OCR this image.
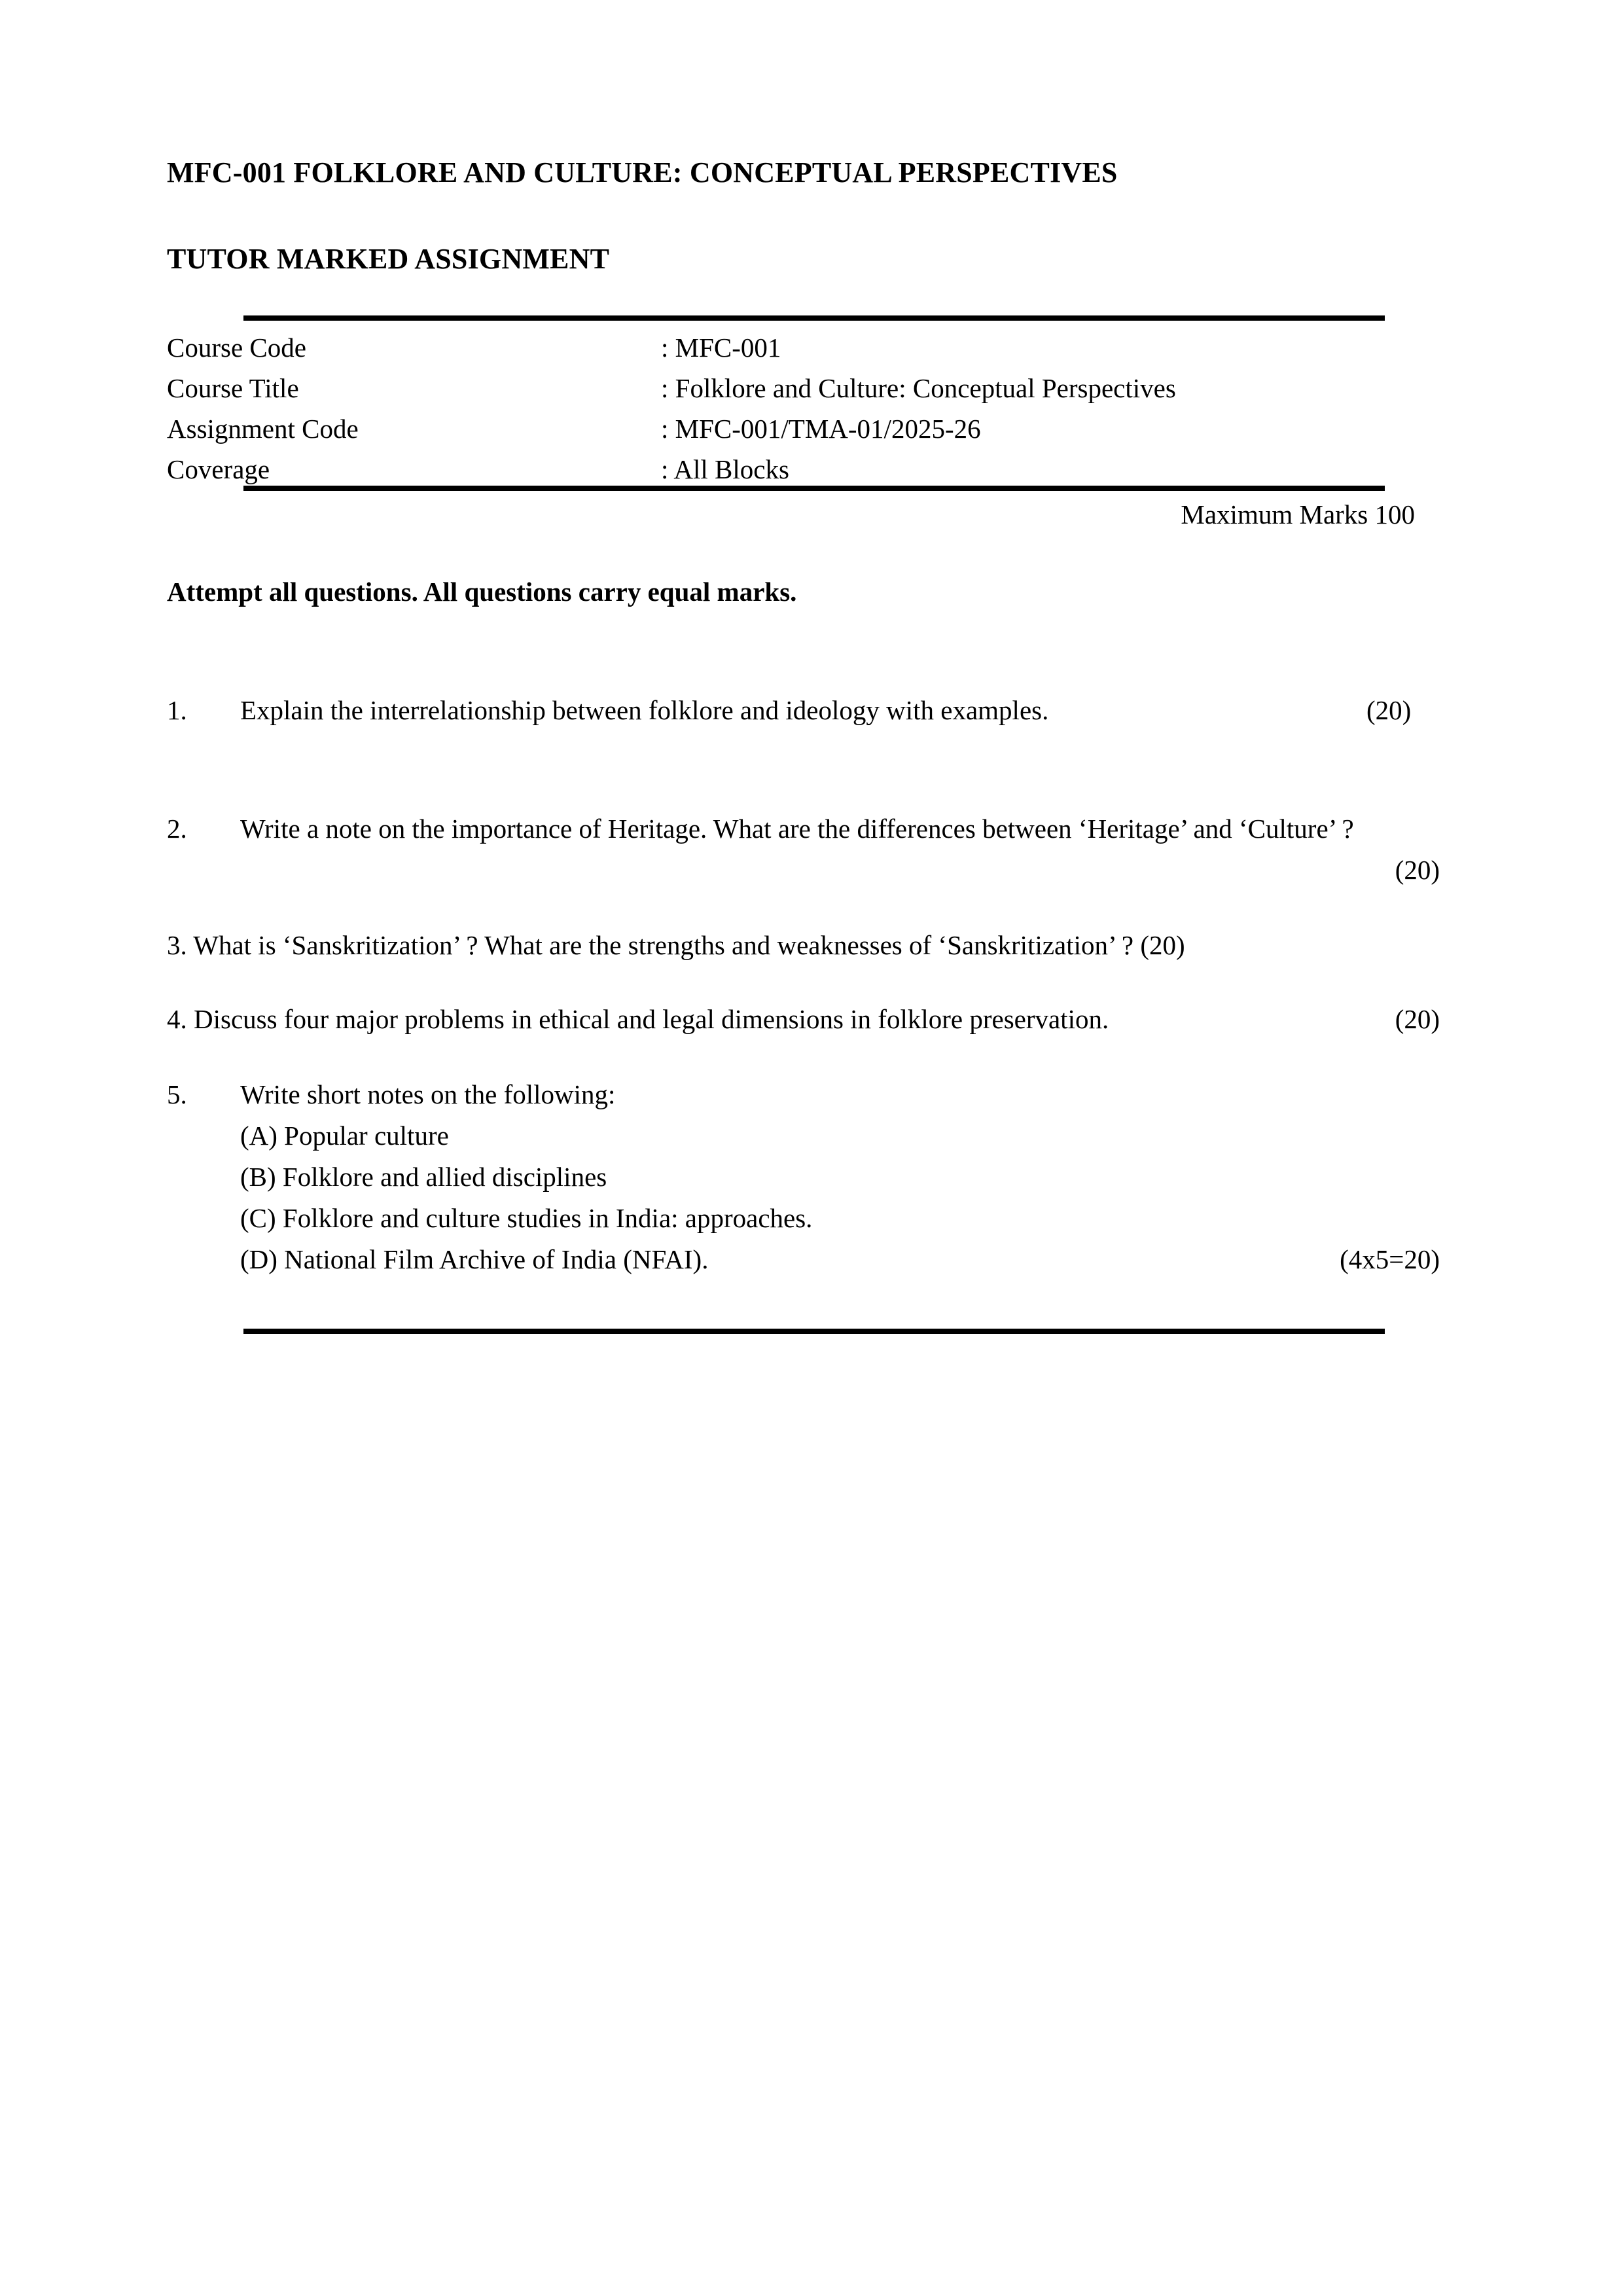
MFC-001 FOLKLORE AND CULTURE: CONCEPTUAL PERSPECTIVES
TUTOR MARKED ASSIGNMENT
Course Code	: MFC-001
Course Title	: Folklore and Culture: Conceptual Perspectives
Assignment Code	: MFC-001/TMA-01/2025-26
Coverage	: All Blocks
Maximum Marks 100
Attempt all questions. All questions carry equal marks.
(20)
1. Explain the interrelationship between folklore and ideology with examples.
2. Write a note on the importance of Heritage. What are the differences between ‘Heritage’ and ‘Culture’ ?
(20)
3. What is ‘Sanskritization’ ? What are the strengths and weaknesses of ‘Sanskritization’ ? (20)
(20)
4. Discuss four major problems in ethical and legal dimensions in folklore preservation.
5. Write short notes on the following:
(A) Popular culture
(B) Folklore and allied disciplines
(C) Folklore and culture studies in India: approaches.
(4x5=20)
(D) National Film Archive of India (NFAI).
